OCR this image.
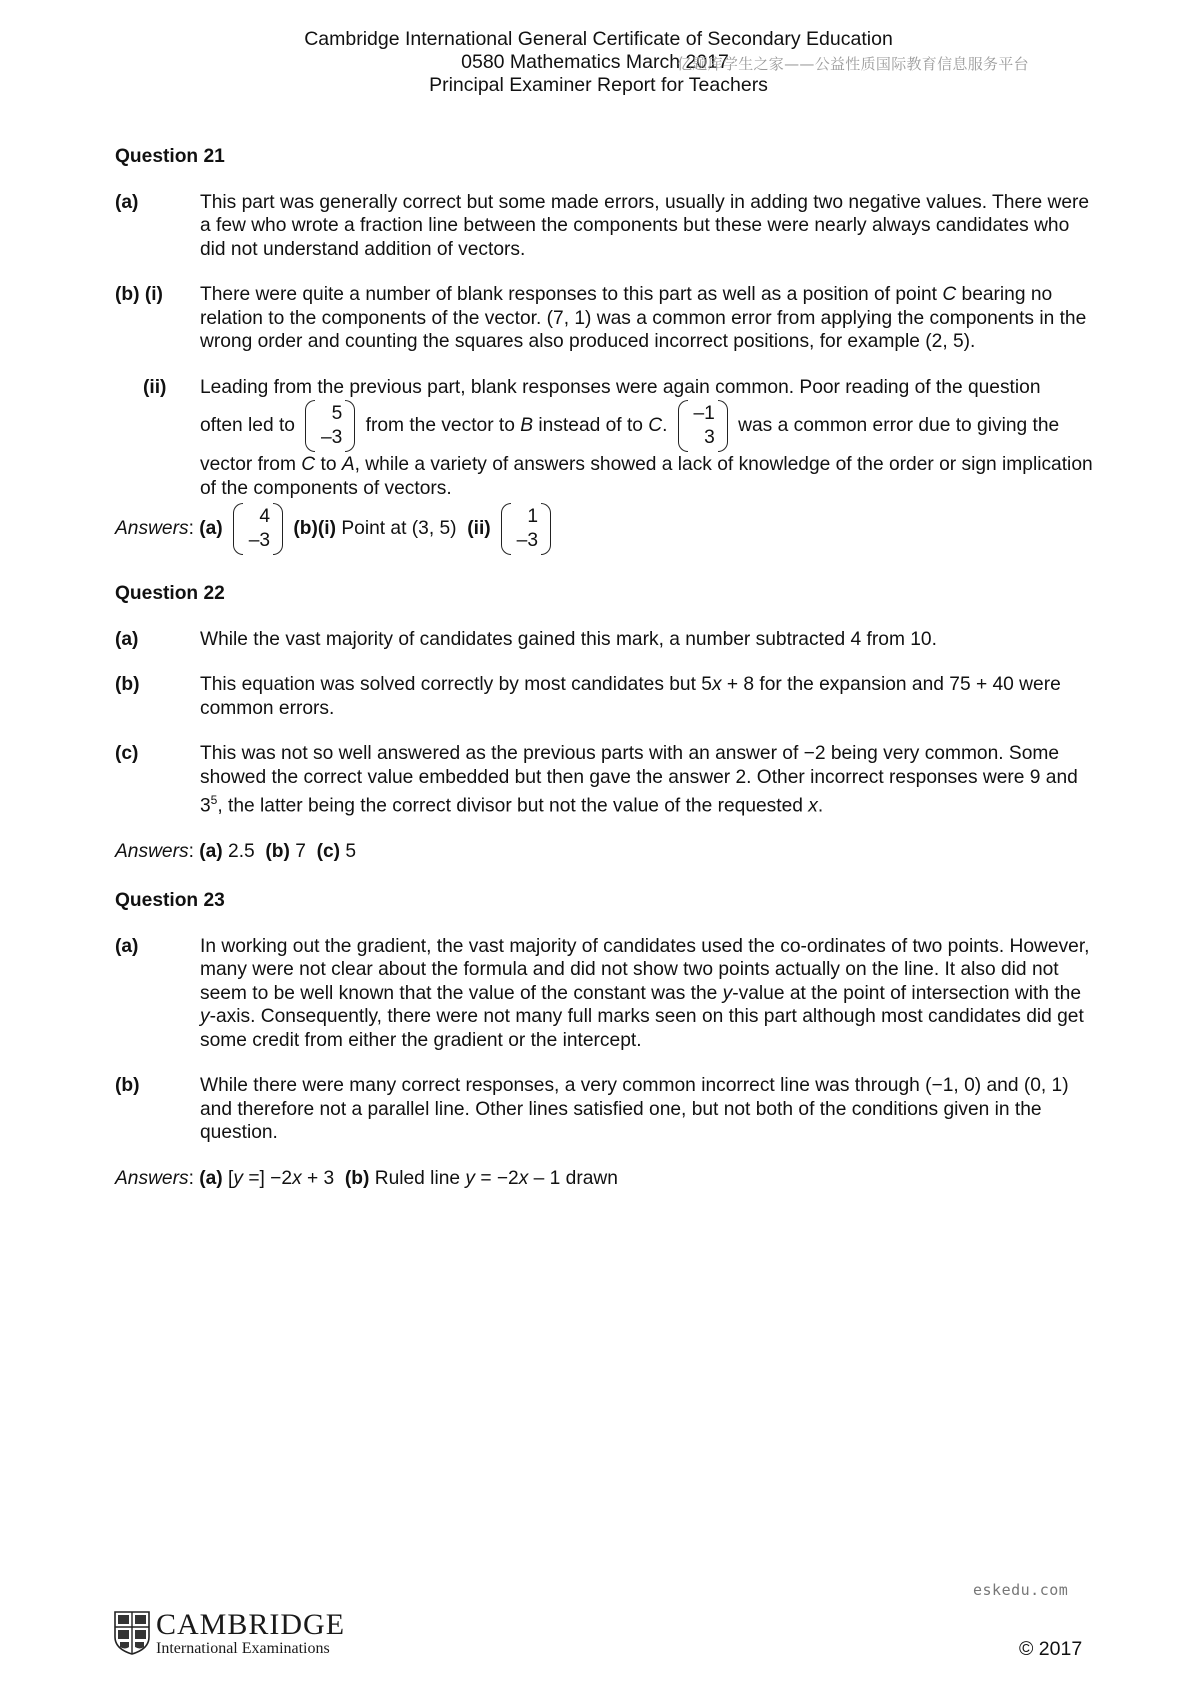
Cambridge International General Certificate of Secondary Education
0580 Mathematics March 2017
Principal Examiner Report for Teachers
亿题库学生之家——公益性质国际教育信息服务平台

Question 21

(a)	This part was generally correct but some made errors, usually in adding two negative values. There were a few who wrote a fraction line between the components but these were nearly always candidates who did not understand addition of vectors.

(b) (i)	There were quite a number of blank responses to this part as well as a position of point C bearing no relation to the components of the vector. (7, 1) was a common error from applying the components in the wrong order and counting the squares also produced incorrect positions, for example (2, 5).

(ii)	Leading from the previous part, blank responses were again common. Poor reading of the question

often led to
5
–3
from the vector to B instead of to C.
–1
3
was a common error due to giving the

vector from C to A, while a variety of answers showed a lack of knowledge of the order or sign implication of the components of vectors.

Answers: (a)
4
–3
(b)(i) Point at (3, 5) (ii)
1
–3

Question 22

(a)	While the vast majority of candidates gained this mark, a number subtracted 4 from 10.

(b)	This equation was solved correctly by most candidates but 5x + 8 for the expansion and 75 + 40 were common errors.

(c)	This was not so well answered as the previous parts with an answer of −2 being very common. Some showed the correct value embedded but then gave the answer 2. Other incorrect responses were 9 and $3^5$, the latter being the correct divisor but not the value of the requested x.

Answers: (a) 2.5 (b) 7 (c) 5

Question 23

(a)	In working out the gradient, the vast majority of candidates used the co-ordinates of two points. However, many were not clear about the formula and did not show two points actually on the line. It also did not seem to be well known that the value of the constant was the y-value at the point of intersection with the y-axis. Consequently, there were not many full marks seen on this part although most candidates did get some credit from either the gradient or the intercept.

(b)	While there were many correct responses, a very common incorrect line was through (−1, 0) and (0, 1) and therefore not a parallel line. Other lines satisfied one, but not both of the conditions given in the question.

Answers: (a) [y =] −2x + 3 (b) Ruled line y = −2x – 1 drawn
eskedu.com
CAMBRIDGE
International Examinations	© 2017
